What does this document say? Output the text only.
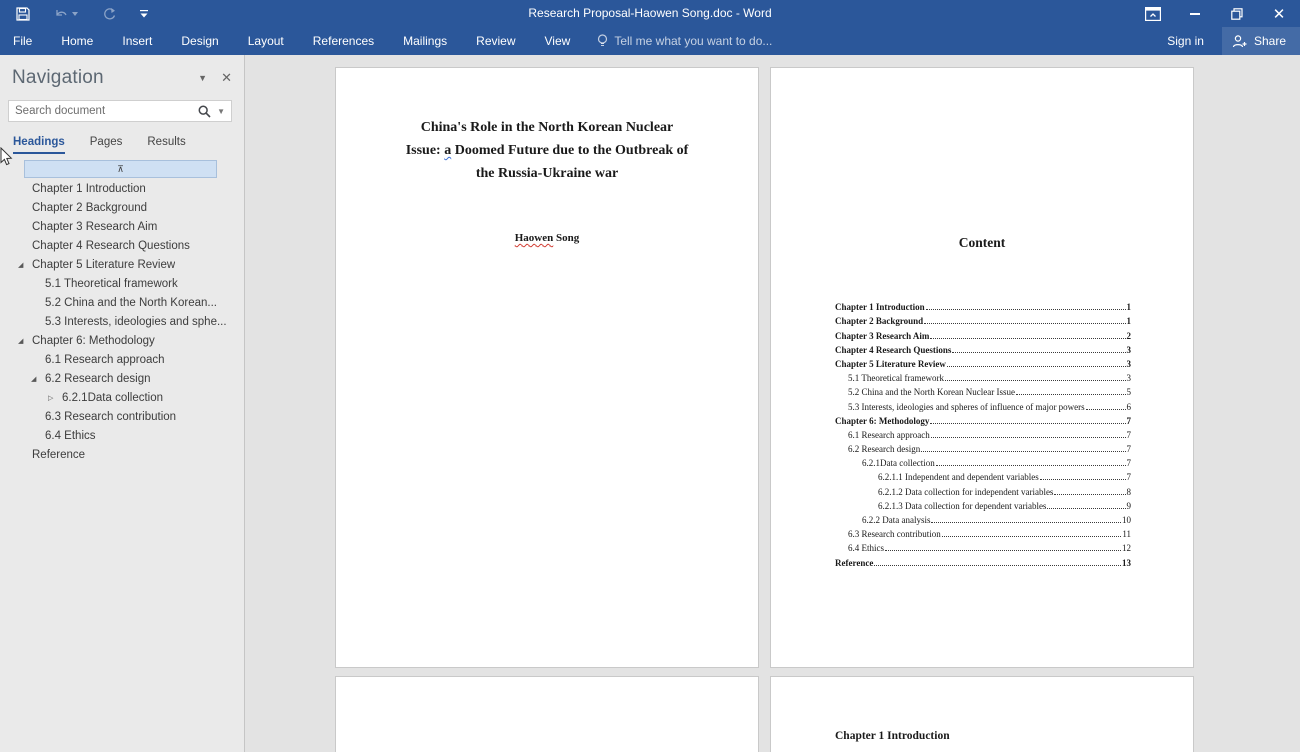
Research Proposal-Haowen Song.doc - Word	✕
File Home Insert Design Layout References Mailings Review View	Tell me what you want to do...	Sign in	Share
Navigation	▼ ✕
Search document
▼
Headings Pages Results
⊼
Chapter 1 Introduction
Chapter 2 Background
Chapter 3 Research Aim
Chapter 4 Research Questions
◢ Chapter 5 Literature Review
5.1 Theoretical framework
5.2 China and the North Korean...
5.3 Interests, ideologies and sphe...
◢ Chapter 6: Methodology
6.1 Research approach
◢ 6.2 Research design
▷ 6.2.1Data collection
6.3 Research contribution
6.4 Ethics
Reference
China's Role in the North Korean Nuclear
Issue: a Doomed Future due to the Outbreak of
the Russia-Ukraine war
Haowen Song	Content
Chapter 1 Introduction	1
Chapter 2 Background	1
Chapter 3 Research Aim	2
Chapter 4 Research Questions	3
Chapter 5 Literature Review	3
5.1 Theoretical framework	3
5.2 China and the North Korean Nuclear Issue	5
5.3 Interests, ideologies and spheres of influence of major powers	6
Chapter 6: Methodology	7
6.1 Research approach	7
6.2 Research design	7
6.2.1Data collection	7
6.2.1.1 Independent and dependent variables	7
6.2.1.2 Data collection for independent variables	8
6.2.1.3 Data collection for dependent variables	9
6.2.2 Data analysis	10
6.3 Research contribution	11
6.4 Ethics	12
Reference	13
Chapter 1 Introduction
